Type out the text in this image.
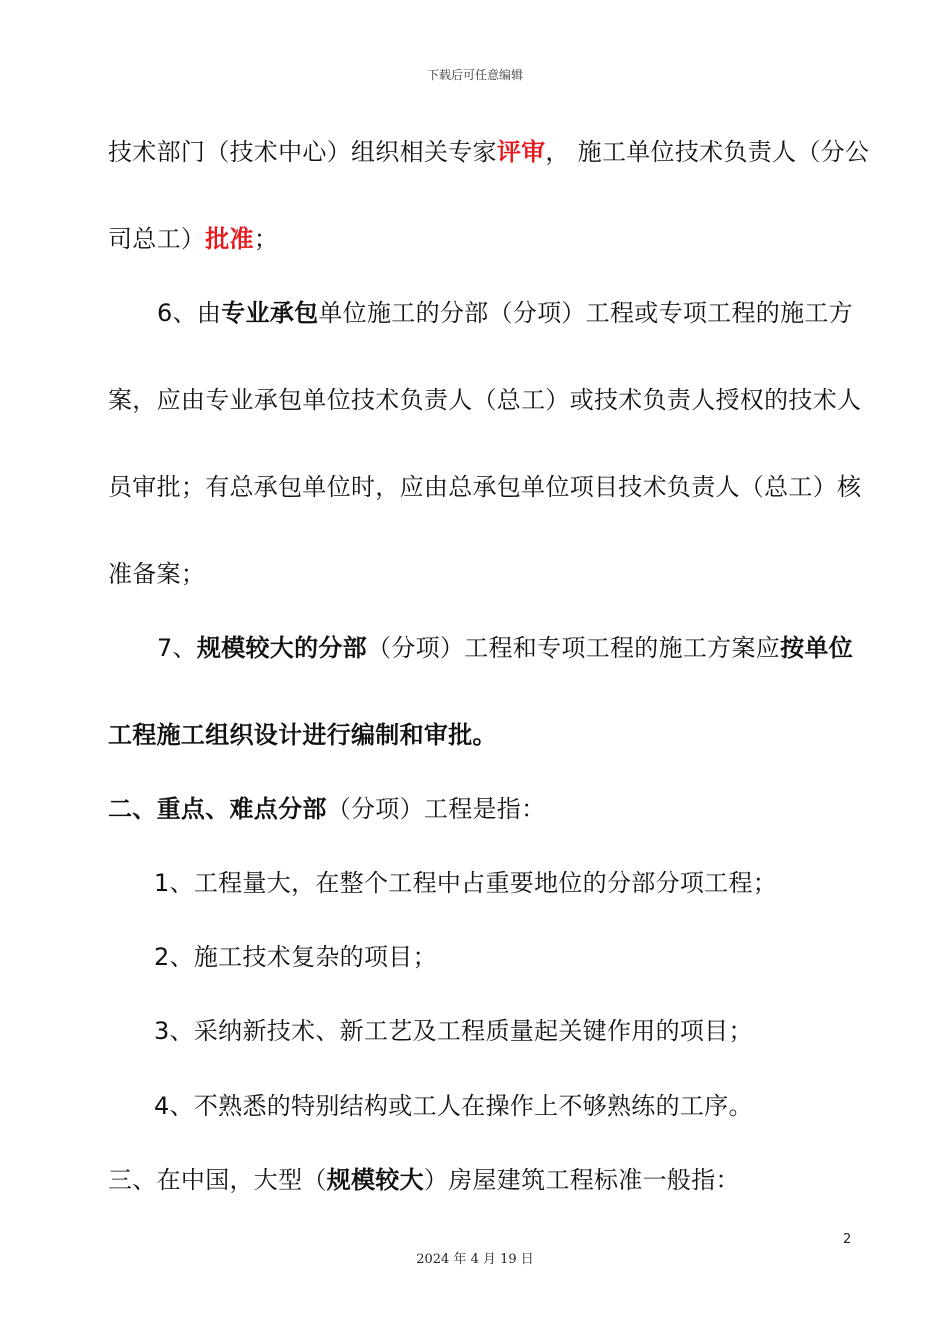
下载后可任意编辑
技术部门（技术中心）组织相关专家评审， 施工单位技术负责人（分公
司总工）批准；
6、由专业承包单位施工的分部（分项）工程或专项工程的施工方
案，应由专业承包单位技术负责人（总工）或技术负责人授权的技术人
员审批；有总承包单位时，应由总承包单位项目技术负责人（总工）核
准备案；
7、规模较大的分部（分项）工程和专项工程的施工方案应按单位
工程施工组织设计进行编制和审批。
二、重点、难点分部（分项）工程是指：
1、工程量大，在整个工程中占重要地位的分部分项工程；
2、施工技术复杂的项目；
3、采纳新技术、新工艺及工程质量起关键作用的项目；
4、不熟悉的特别结构或工人在操作上不够熟练的工序。
三、在中国，大型（规模较大）房屋建筑工程标准一般指：
2
2024 年 4 月 19 日
